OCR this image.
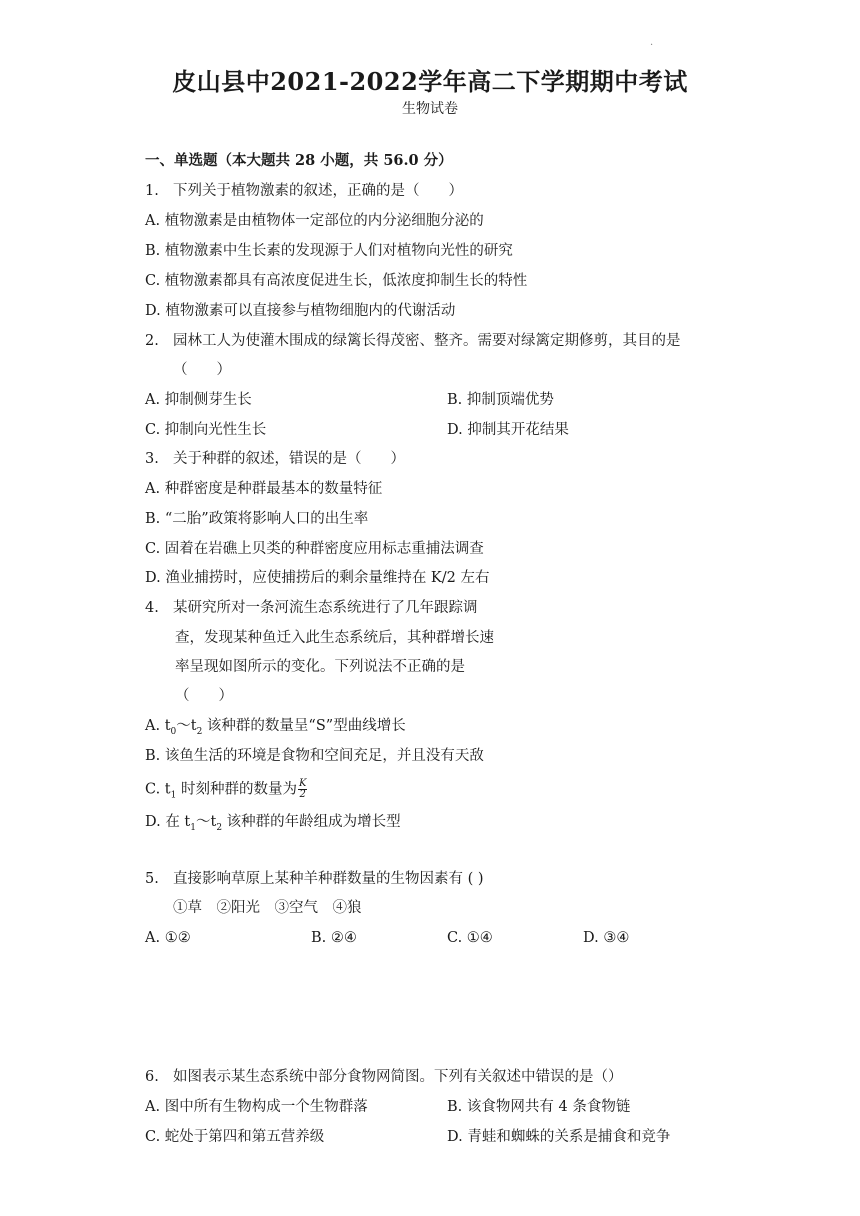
·
皮山县中2021-2022学年高二下学期期中考试
生物试卷
一、单选题（本大题共 28 小题，共 56.0 分）
1. 下列关于植物激素的叙述，正确的是（　　）
A. 植物激素是由植物体一定部位的内分泌细胞分泌的
B. 植物激素中生长素的发现源于人们对植物向光性的研究
C. 植物激素都具有高浓度促进生长，低浓度抑制生长的特性
D. 植物激素可以直接参与植物细胞内的代谢活动
2. 园林工人为使灌木围成的绿篱长得茂密、整齐。需要对绿篱定期修剪，其目的是
（　　）
A. 抑制侧芽生长	B. 抑制顶端优势
C. 抑制向光性生长	D. 抑制其开花结果
3. 关于种群的叙述，错误的是（　　）
A. 种群密度是种群最基本的数量特征
B. “二胎”政策将影响人口的出生率
C. 固着在岩礁上贝类的种群密度应用标志重捕法调查
D. 渔业捕捞时，应使捕捞后的剩余量维持在 K/2 左右
4. 某研究所对一条河流生态系统进行了几年跟踪调
查，发现某种鱼迁入此生态系统后，其种群增长速
率呈现如图所示的变化。下列说法不正确的是
（　　）
A. $t_0\sim t_2$ 该种群的数量呈“S”型曲线增长
B. 该鱼生活的环境是食物和空间充足，并且没有天敌
C. $t_1$ 时刻种群的数量为 $\frac{K}{2}$
D. 在 $t_1\sim t_2$ 该种群的年龄组成为增长型
5. 直接影响草原上某种羊种群数量的生物因素有 ( )
①草　②阳光　③空气　④狼
A. ①②	B. ②④	C. ①④	D. ③④
6. 如图表示某生态系统中部分食物网简图。下列有关叙述中错误的是（）
A. 图中所有生物构成一个生物群落	B. 该食物网共有 4 条食物链
C. 蛇处于第四和第五营养级	D. 青蛙和蜘蛛的关系是捕食和竞争
